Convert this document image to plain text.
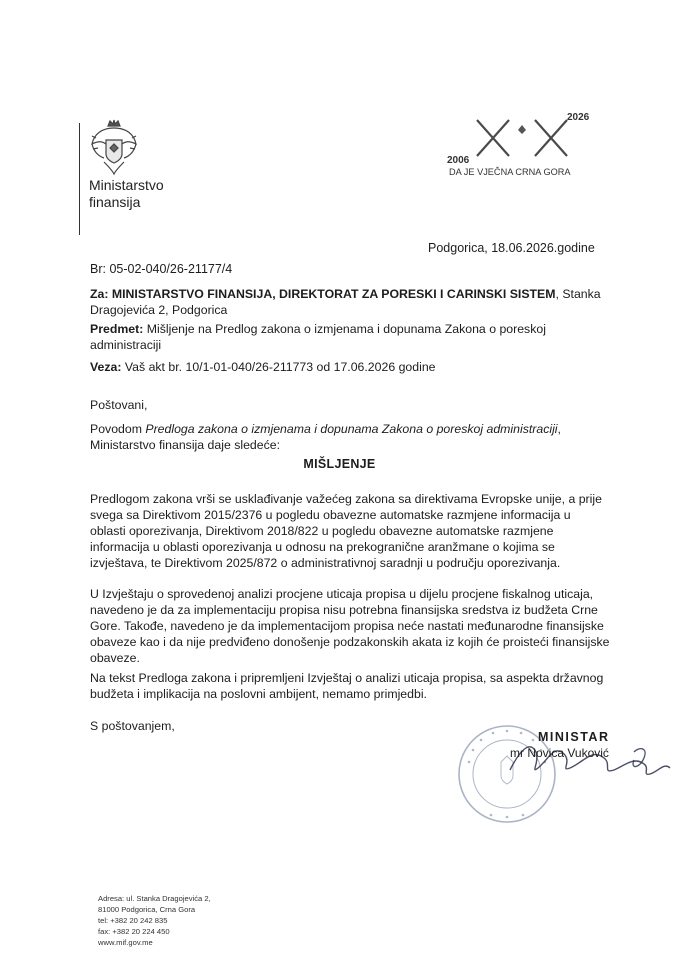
Ministarstvo
finansija
2026
2006
DA JE VJEČNA CRNA GORA
Podgorica, 18.06.2026.godine
Br: 05-02-040/26-21177/4
Za: MINISTARSTVO FINANSIJA, DIREKTORAT ZA PORESKI I CARINSKI SISTEM, Stanka
Dragojevića 2, Podgorica
Predmet: Mišljenje na Predlog zakona o izmjenama i dopunama Zakona o poreskoj
administraciji
Veza: Vaš akt br. 10/1-01-040/26-211773 od 17.06.2026 godine
Poštovani,
Povodom Predloga zakona o izmjenama i dopunama Zakona o poreskoj administraciji,
Ministarstvo finansija daje sledeće:
MIŠLJENJE
Predlogom zakona vrši se usklađivanje važećeg zakona sa direktivama Evropske unije, a prije
svega sa Direktivom 2015/2376 u pogledu obavezne automatske razmjene informacija u
oblasti oporezivanja, Direktivom 2018/822 u pogledu obavezne automatske razmjene
informacija u oblasti oporezivanja u odnosu na prekogranične aranžmane o kojima se
izvještava, te Direktivom 2025/872 o administrativnoj saradnji u području oporezivanja.
U Izvještaju o sprovedenoj analizi procjene uticaja propisa u dijelu procjene fiskalnog uticaja,
navedeno je da za implementaciju propisa nisu potrebna finansijska sredstva iz budžeta Crne
Gore. Takođe, navedeno je da implementacijom propisa neće nastati međunarodne finansijske
obaveze kao i da nije predviđeno donošenje podzakonskih akata iz kojih će proisteći finansijske
obaveze.
Na tekst Predloga zakona i pripremljeni Izvještaj o analizi uticaja propisa, sa aspekta državnog
budžeta i implikacija na poslovni ambijent, nemamo primjedbi.
S poštovanjem,
MINISTAR
mr Novica Vuković
Adresa: ul. Stanka Dragojevića 2,
81000 Podgorica, Crna Gora
tel: +382 20 242 835
fax: +382 20 224 450
www.mif.gov.me
